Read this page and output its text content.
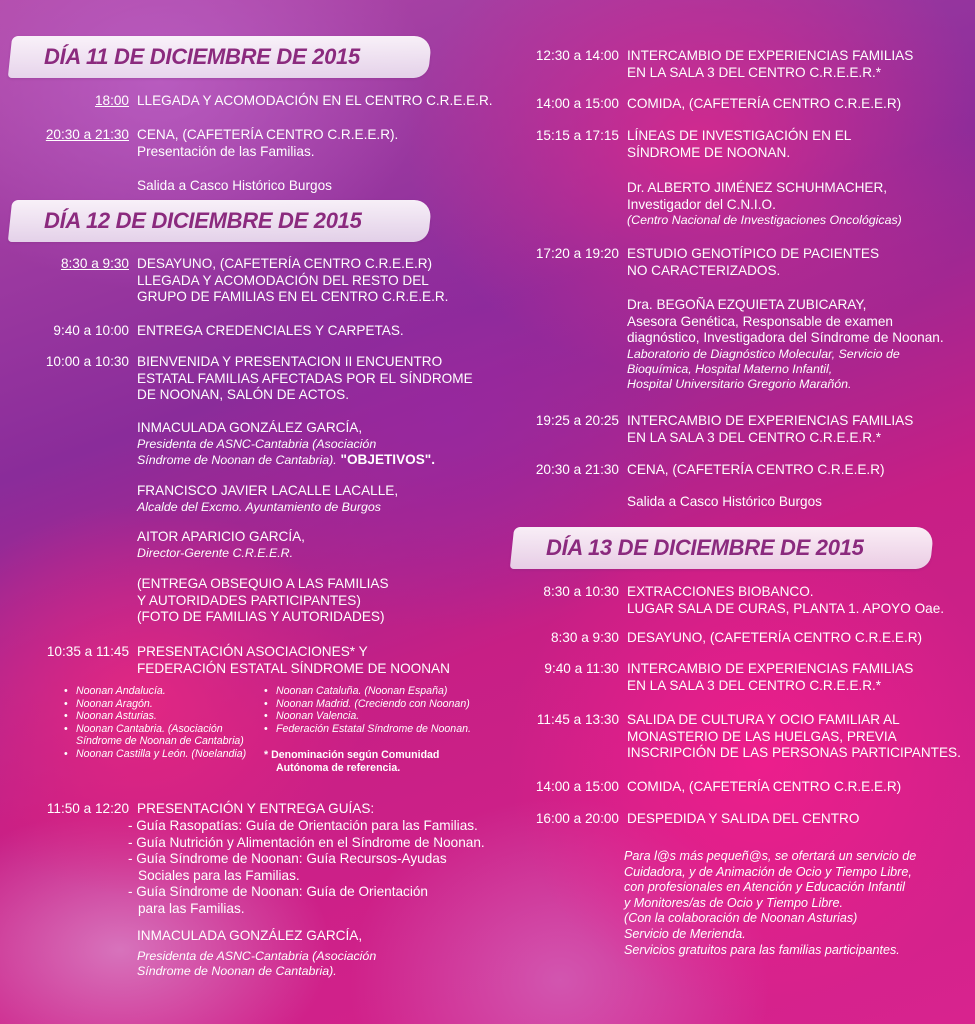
DÍA 11 DE DICIEMBRE DE 2015
18:00 LLEGADA Y ACOMODACIÓN EN EL CENTRO C.R.E.E.R.
20:30 a 21:30 CENA, (CAFETERÍA CENTRO C.R.E.E.R).
Presentación de las Familias.
Salida a Casco Histórico Burgos
DÍA 12 DE DICIEMBRE DE 2015
8:30 a 9:30 DESAYUNO, (CAFETERÍA CENTRO C.R.E.E.R)
LLEGADA Y ACOMODACIÓN DEL RESTO DEL
GRUPO DE FAMILIAS EN EL CENTRO C.R.E.E.R.
9:40 a 10:00 ENTREGA CREDENCIALES Y CARPETAS.
10:00 a 10:30 BIENVENIDA Y PRESENTACION II ENCUENTRO
ESTATAL FAMILIAS AFECTADAS POR EL SÍNDROME
DE NOONAN, SALÓN DE ACTOS.
INMACULADA GONZÁLEZ GARCÍA,
Presidenta de ASNC-Cantabria (Asociación
Síndrome de Noonan de Cantabria). "OBJETIVOS".
FRANCISCO JAVIER LACALLE LACALLE,
Alcalde del Excmo. Ayuntamiento de Burgos
AITOR APARICIO GARCÍA,
Director-Gerente C.R.E.E.R.
(ENTREGA OBSEQUIO A LAS FAMILIAS
Y AUTORIDADES PARTICIPANTES)
(FOTO DE FAMILIAS Y AUTORIDADES)
10:35 a 11:45 PRESENTACIÓN ASOCIACIONES* Y
FEDERACIÓN ESTATAL SÍNDROME DE NOONAN
• Noonan Andalucía.
• Noonan Aragón.
• Noonan Asturias.
• Noonan Cantabria. (Asociación
Síndrome de Noonan de Cantabria)
• Noonan Castilla y León. (Noelandia)
• Noonan Cataluña. (Noonan España)
• Noonan Madrid. (Creciendo con Noonan)
• Noonan Valencia.
• Federación Estatal Síndrome de Noonan.
* Denominación según Comunidad
Autónoma de referencia.
11:50 a 12:20 PRESENTACIÓN Y ENTREGA GUÍAS:
- Guía Rasopatías: Guía de Orientación para las Familias.
- Guía Nutrición y Alimentación en el Síndrome de Noonan.
- Guía Síndrome de Noonan: Guía Recursos-Ayudas
Sociales para las Familias.
- Guía Síndrome de Noonan: Guía de Orientación
para las Familias.
INMACULADA GONZÁLEZ GARCÍA,
Presidenta de ASNC-Cantabria (Asociación
Síndrome de Noonan de Cantabria).
12:30 a 14:00 INTERCAMBIO DE EXPERIENCIAS FAMILIAS
EN LA SALA 3 DEL CENTRO C.R.E.E.R.*
14:00 a 15:00 COMIDA, (CAFETERÍA CENTRO C.R.E.E.R)
15:15 a 17:15 LÍNEAS DE INVESTIGACIÓN EN EL
SÍNDROME DE NOONAN.
Dr. ALBERTO JIMÉNEZ SCHUHMACHER,
Investigador del C.N.I.O.
(Centro Nacional de Investigaciones Oncológicas)
17:20 a 19:20 ESTUDIO GENOTÍPICO DE PACIENTES
NO CARACTERIZADOS.
Dra. BEGOÑA EZQUIETA ZUBICARAY,
Asesora Genética, Responsable de examen
diagnóstico, Investigadora del Síndrome de Noonan.
Laboratorio de Diagnóstico Molecular, Servicio de
Bioquímica, Hospital Materno Infantil,
Hospital Universitario Gregorio Marañón.
19:25 a 20:25 INTERCAMBIO DE EXPERIENCIAS FAMILIAS
EN LA SALA 3 DEL CENTRO C.R.E.E.R.*
20:30 a 21:30 CENA, (CAFETERÍA CENTRO C.R.E.E.R)
Salida a Casco Histórico Burgos
DÍA 13 DE DICIEMBRE DE 2015
8:30 a 10:30 EXTRACCIONES BIOBANCO.
LUGAR SALA DE CURAS, PLANTA 1. APOYO Oae.
8:30 a 9:30 DESAYUNO, (CAFETERÍA CENTRO C.R.E.E.R)
9:40 a 11:30 INTERCAMBIO DE EXPERIENCIAS FAMILIAS
EN LA SALA 3 DEL CENTRO C.R.E.E.R.*
11:45 a 13:30 SALIDA DE CULTURA Y OCIO FAMILIAR AL
MONASTERIO DE LAS HUELGAS, PREVIA
INSCRIPCIÓN DE LAS PERSONAS PARTICIPANTES.
14:00 a 15:00 COMIDA, (CAFETERÍA CENTRO C.R.E.E.R)
16:00 a 20:00 DESPEDIDA Y SALIDA DEL CENTRO
Para l@s más pequeñ@s, se ofertará un servicio de
Cuidadora, y de Animación de Ocio y Tiempo Libre,
con profesionales en Atención y Educación Infantil
y Monitores/as de Ocio y Tiempo Libre.
(Con la colaboración de Noonan Asturias)
Servicio de Merienda.
Servicios gratuitos para las familias participantes.
